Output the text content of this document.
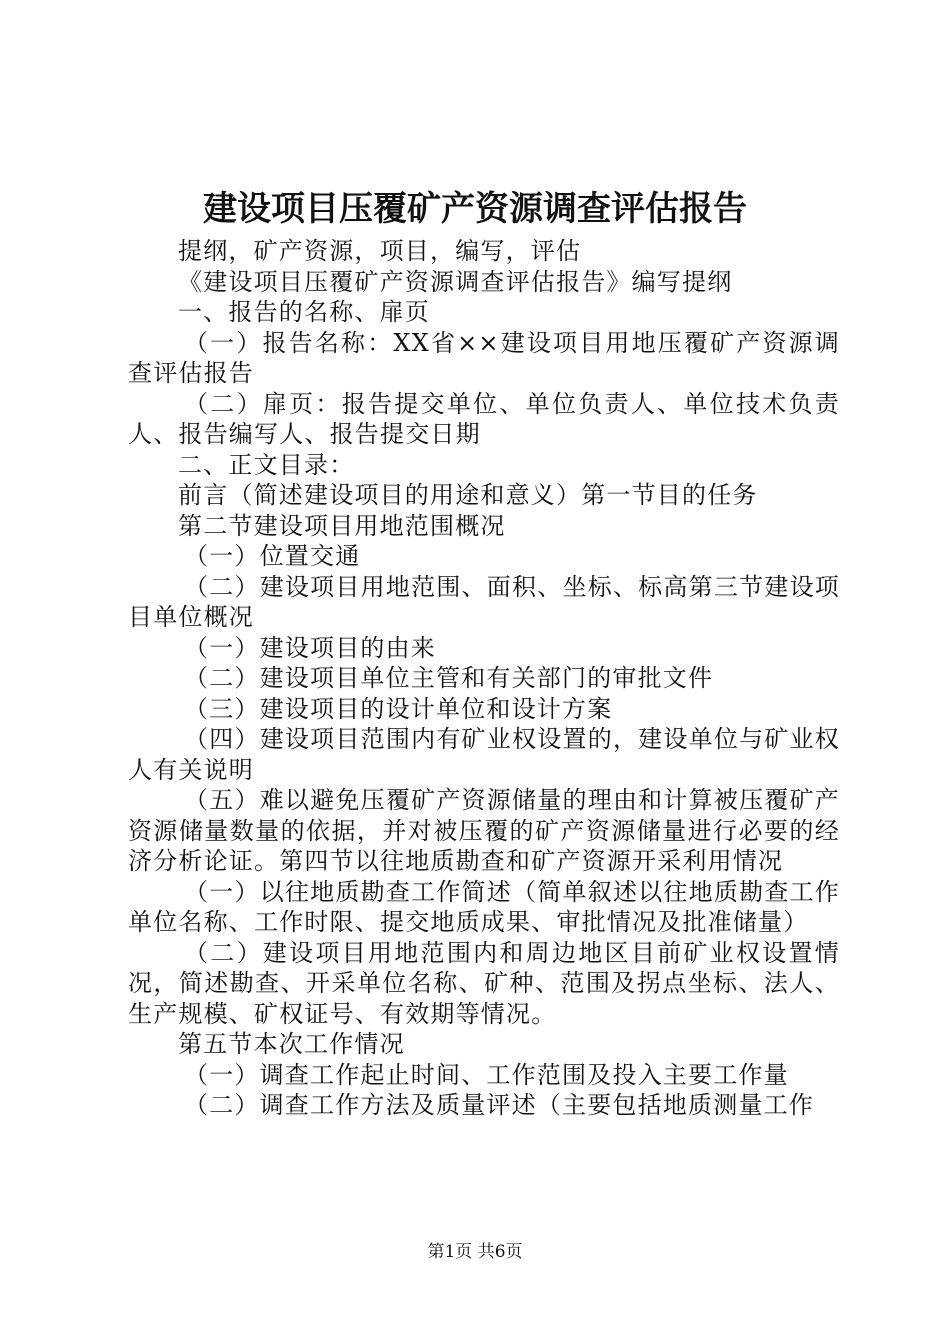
建设项目压覆矿产资源调查评估报告

提纲，矿产资源，项目，编写，评估

《建设项目压覆矿产资源调查评估报告》编写提纲

一、报告的名称、扉页

（一）报告名称：XX省××建设项目用地压覆矿产资源调查评估报告

（二）扉页：报告提交单位、单位负责人、单位技术负责人、报告编写人、报告提交日期

二、正文目录：

前言（简述建设项目的用途和意义）第一节目的任务

第二节建设项目用地范围概况

（一）位置交通

（二）建设项目用地范围、面积、坐标、标高第三节建设项目单位概况

（一）建设项目的由来

（二）建设项目单位主管和有关部门的审批文件

（三）建设项目的设计单位和设计方案

（四）建设项目范围内有矿业权设置的，建设单位与矿业权人有关说明

（五）难以避免压覆矿产资源储量的理由和计算被压覆矿产资源储量数量的依据，并对被压覆的矿产资源储量进行必要的经济分析论证。第四节以往地质勘查和矿产资源开采利用情况

（一）以往地质勘查工作简述（简单叙述以往地质勘查工作单位名称、工作时限、提交地质成果、审批情况及批准储量）

（二）建设项目用地范围内和周边地区目前矿业权设置情况，简述勘查、开采单位名称、矿种、范围及拐点坐标、法人、生产规模、矿权证号、有效期等情况。

第五节本次工作情况

（一）调查工作起止时间、工作范围及投入主要工作量

（二）调查工作方法及质量评述（主要包括地质测量工作

第1页 共6页
